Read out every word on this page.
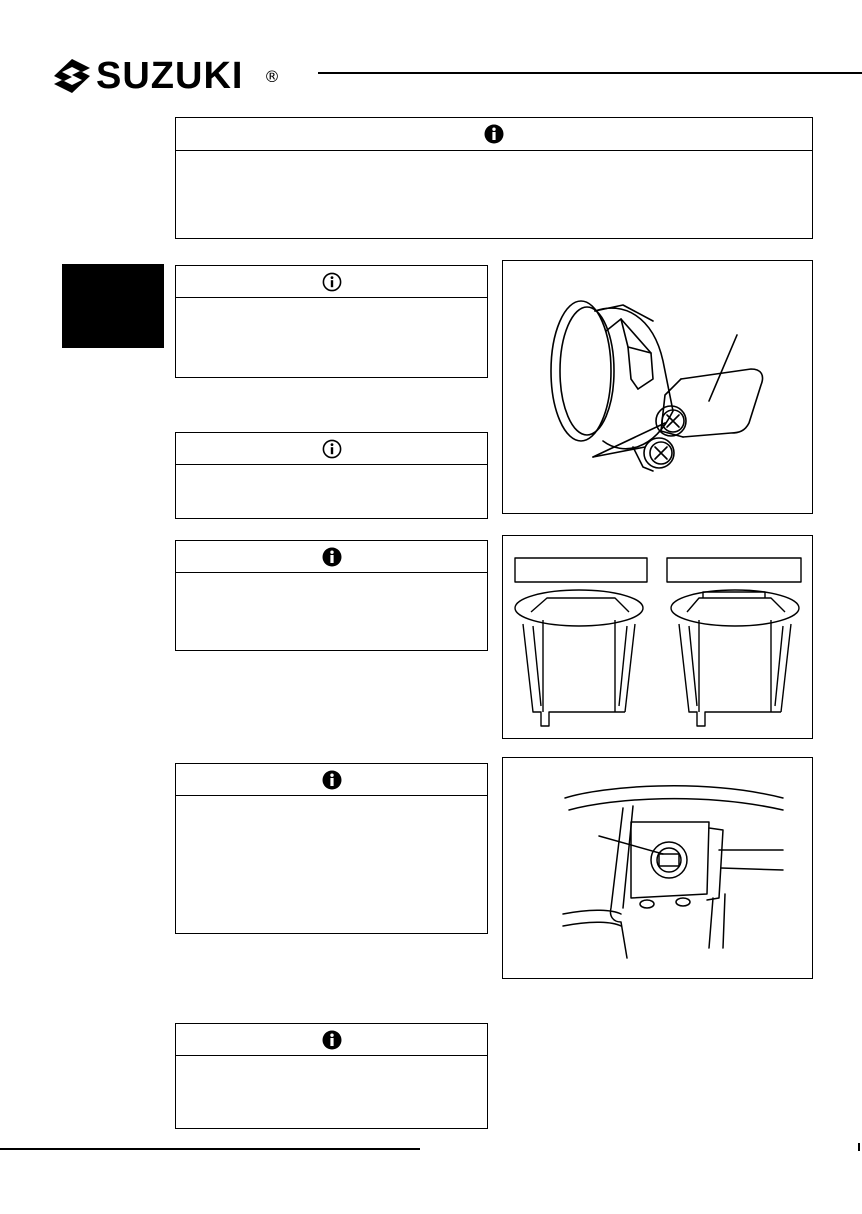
SUZUKI ®
